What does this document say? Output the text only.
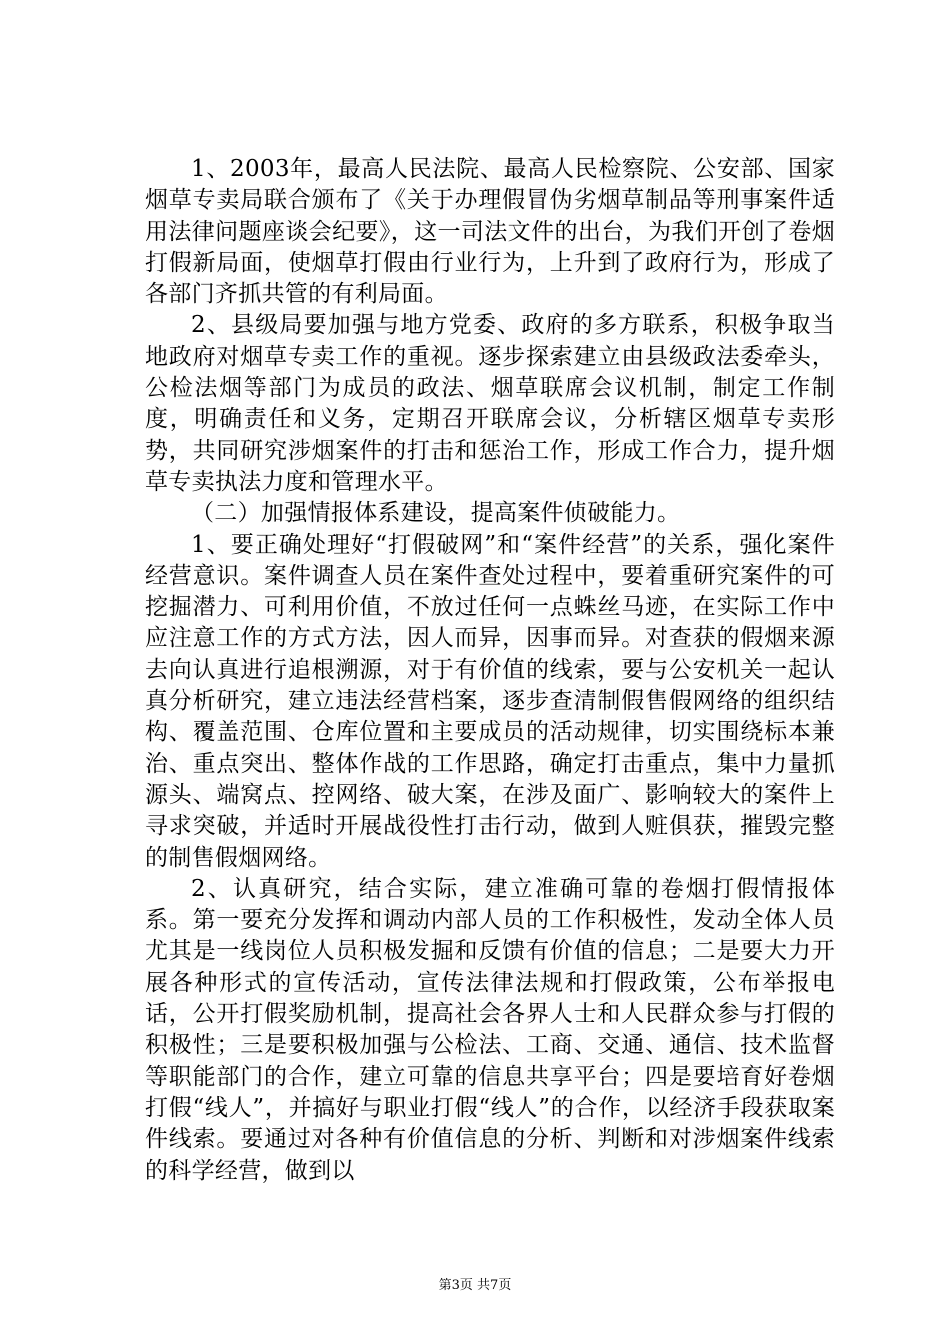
1、2003年，最高人民法院、最高人民检察院、公安部、国家烟草专卖局联合颁布了《关于办理假冒伪劣烟草制品等刑事案件适用法律问题座谈会纪要》，这一司法文件的出台，为我们开创了卷烟打假新局面，使烟草打假由行业行为，上升到了政府行为，形成了各部门齐抓共管的有利局面。

2、县级局要加强与地方党委、政府的多方联系，积极争取当地政府对烟草专卖工作的重视。逐步探索建立由县级政法委牵头，公检法烟等部门为成员的政法、烟草联席会议机制，制定工作制度，明确责任和义务，定期召开联席会议，分析辖区烟草专卖形势，共同研究涉烟案件的打击和惩治工作，形成工作合力，提升烟草专卖执法力度和管理水平。

（二）加强情报体系建设，提高案件侦破能力。

1、要正确处理好“打假破网”和“案件经营”的关系，强化案件经营意识。案件调查人员在案件查处过程中，要着重研究案件的可挖掘潜力、可利用价值，不放过任何一点蛛丝马迹，在实际工作中应注意工作的方式方法，因人而异，因事而异。对查获的假烟来源去向认真进行追根溯源，对于有价值的线索，要与公安机关一起认真分析研究，建立违法经营档案，逐步查清制假售假网络的组织结构、覆盖范围、仓库位置和主要成员的活动规律，切实围绕标本兼治、重点突出、整体作战的工作思路，确定打击重点，集中力量抓源头、端窝点、控网络、破大案，在涉及面广、影响较大的案件上寻求突破，并适时开展战役性打击行动，做到人赃俱获，摧毁完整的制售假烟网络。

2、认真研究，结合实际，建立准确可靠的卷烟打假情报体系。第一要充分发挥和调动内部人员的工作积极性，发动全体人员尤其是一线岗位人员积极发掘和反馈有价值的信息；二是要大力开展各种形式的宣传活动，宣传法律法规和打假政策，公布举报电话，公开打假奖励机制，提高社会各界人士和人民群众参与打假的积极性；三是要积极加强与公检法、工商、交通、通信、技术监督等职能部门的合作，建立可靠的信息共享平台；四是要培育好卷烟打假“线人”，并搞好与职业打假“线人”的合作，以经济手段获取案件线索。要通过对各种有价值信息的分析、判断和对涉烟案件线索的科学经营，做到以

第3页 共7页
